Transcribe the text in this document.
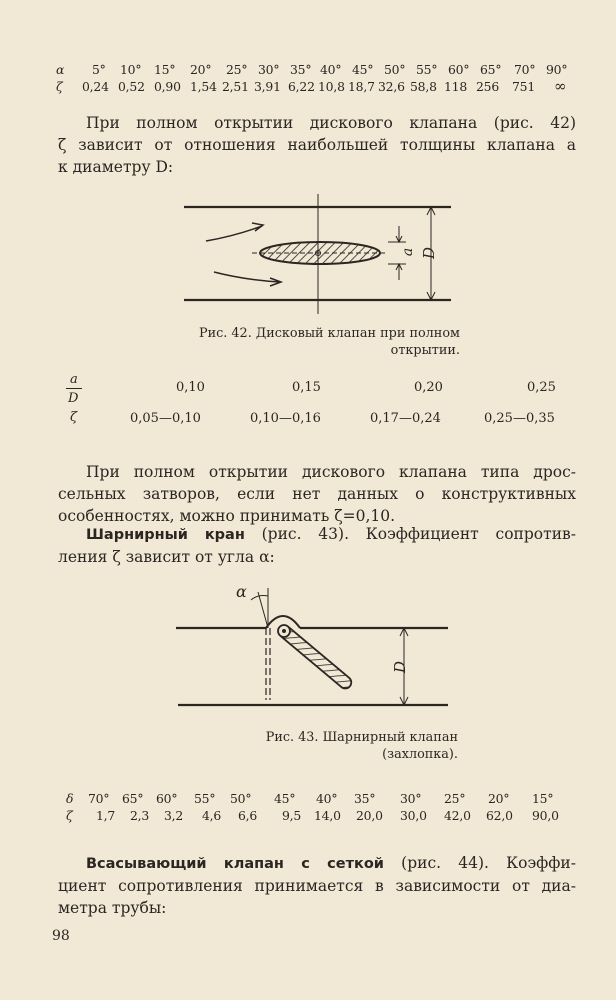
α 5° 10° 15° 20° 25° 30° 35° 40° 45° 50° 55° 60° 65° 70° 90°
ζ 0,24 0,52 0,90 1,54 2,51 3,91 6,22 10,8 18,7 32,6 58,8 118 256 751 ∞
При полном открытии дискового клапана (рис. 42)
ζ зависит от отношения наибольшей толщины клапана a
к диаметру D:
a D
Рис. 42. Дисковый клапан при полном
открытии.
a
D
0,10	0,15	0,20	0,25
ζ	0,05—0,10	0,10—0,16	0,17—0,24	0,25—0,35
При полном открытии дискового клапана типа дрос-
сельных затворов, если нет данных о конструктивных
особенностях, можно принимать ζ=0,10.
Шарнирный кран (рис. 43). Коэффициент сопротив-
ления ζ зависит от угла α:
α
D
Рис. 43. Шарнирный клапан
(захлопка).
δ 70° 65° 60° 55° 50° 45° 40° 35° 30° 25° 20° 15°
ζ 1,7 2,3 3,2 4,6 6,6 9,5 14,0 20,0 30,0 42,0 62,0 90,0
Всасывающий клапан с сеткой (рис. 44). Коэффи-
циент сопротивления принимается в зависимости от диа-
метра трубы:
98
